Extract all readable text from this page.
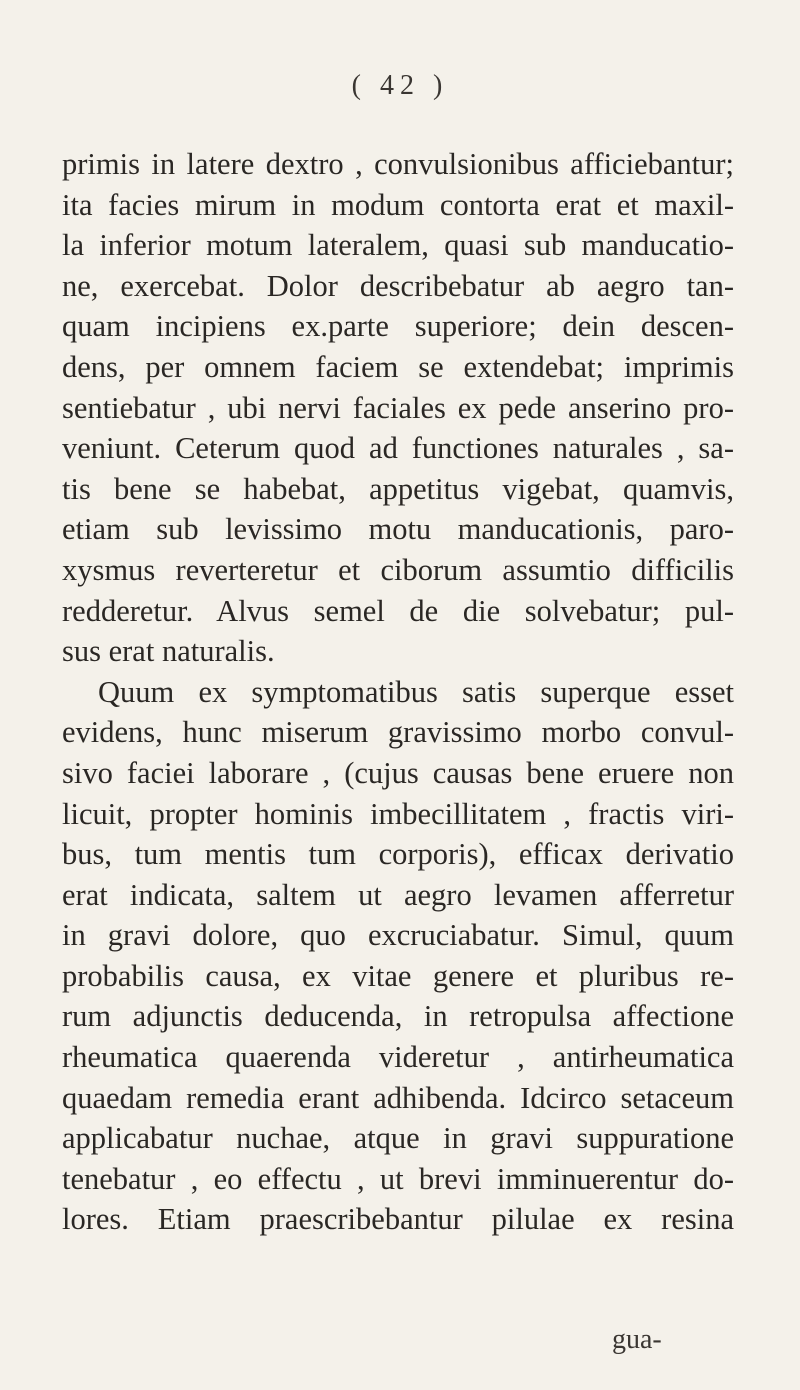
( 42 )
primis in latere dextro , convulsionibus afficiebantur;
ita facies mirum in modum contorta erat et maxil-
la inferior motum lateralem, quasi sub manducatio-
ne, exercebat. Dolor describebatur ab aegro tan-
quam incipiens ex.parte superiore; dein descen-
dens, per omnem faciem se extendebat; imprimis
sentiebatur , ubi nervi faciales ex pede anserino pro-
veniunt. Ceterum quod ad functiones naturales , sa-
tis bene se habebat, appetitus vigebat, quamvis,
etiam sub levissimo motu manducationis, paro-
xysmus reverteretur et ciborum assumtio difficilis
redderetur. Alvus semel de die solvebatur; pul-
sus erat naturalis.
Quum ex symptomatibus satis superque esset
evidens, hunc miserum gravissimo morbo convul-
sivo faciei laborare , (cujus causas bene eruere non
licuit, propter hominis imbecillitatem , fractis viri-
bus, tum mentis tum corporis), efficax derivatio
erat indicata, saltem ut aegro levamen afferretur
in gravi dolore, quo excruciabatur. Simul, quum
probabilis causa, ex vitae genere et pluribus re-
rum adjunctis deducenda, in retropulsa affectione
rheumatica quaerenda videretur , antirheumatica
quaedam remedia erant adhibenda. Idcirco setaceum
applicabatur nuchae, atque in gravi suppuratione
tenebatur , eo effectu , ut brevi imminuerentur do-
lores. Etiam praescribebantur pilulae ex resina
gua-
